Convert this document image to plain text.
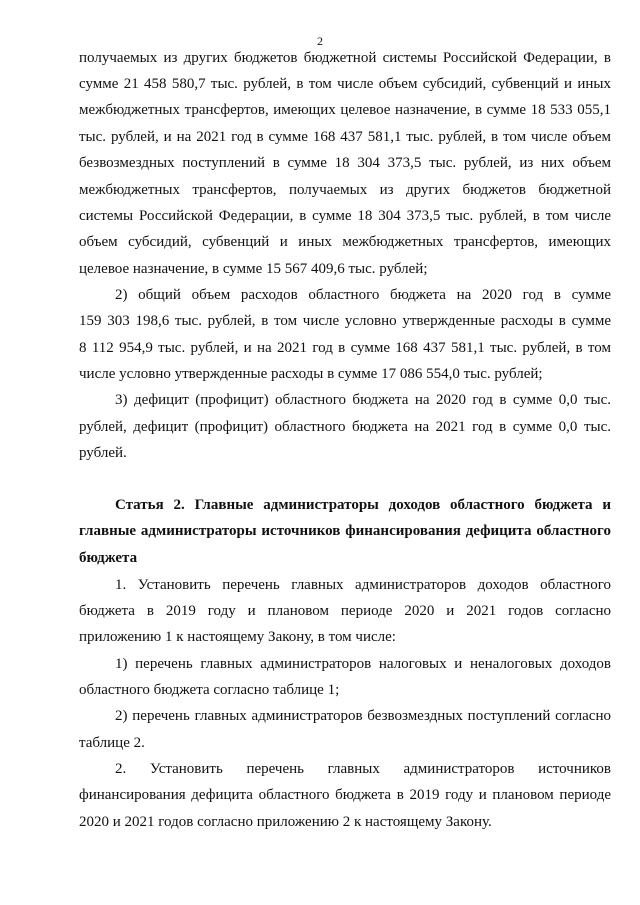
2
получаемых из других бюджетов бюджетной системы Российской Федерации, в
сумме 21 458 580,7 тыс. рублей, в том числе объем субсидий, субвенций и иных
межбюджетных трансфертов, имеющих целевое назначение, в сумме 18 533 055,1
тыс. рублей, и на 2021 год в сумме 168 437 581,1 тыс. рублей, в том числе объем
безвозмездных поступлений в сумме 18 304 373,5 тыс. рублей, из них объем
межбюджетных трансфертов, получаемых из других бюджетов бюджетной
системы Российской Федерации, в сумме 18 304 373,5 тыс. рублей, в том числе
объем субсидий, субвенций и иных межбюджетных трансфертов, имеющих
целевое назначение, в сумме 15 567 409,6 тыс. рублей;
2) общий объем расходов областного бюджета на 2020 год в сумме
159 303 198,6 тыс. рублей, в том числе условно утвержденные расходы в сумме
8 112 954,9 тыс. рублей, и на 2021 год в сумме 168 437 581,1 тыс. рублей, в том
числе условно утвержденные расходы в сумме 17 086 554,0 тыс. рублей;
3) дефицит (профицит) областного бюджета на 2020 год в сумме 0,0 тыс.
рублей, дефицит (профицит) областного бюджета на 2021 год в сумме 0,0 тыс.
рублей.
Статья 2. Главные администраторы доходов областного бюджета и
главные администраторы источников финансирования дефицита областного
бюджета
1. Установить перечень главных администраторов доходов областного
бюджета в 2019 году и плановом периоде 2020 и 2021 годов согласно
приложению 1 к настоящему Закону, в том числе:
1) перечень главных администраторов налоговых и неналоговых доходов
областного бюджета согласно таблице 1;
2) перечень главных администраторов безвозмездных поступлений согласно
таблице 2.
2. Установить перечень главных администраторов источников
финансирования дефицита областного бюджета в 2019 году и плановом периоде
2020 и 2021 годов согласно приложению 2 к настоящему Закону.
